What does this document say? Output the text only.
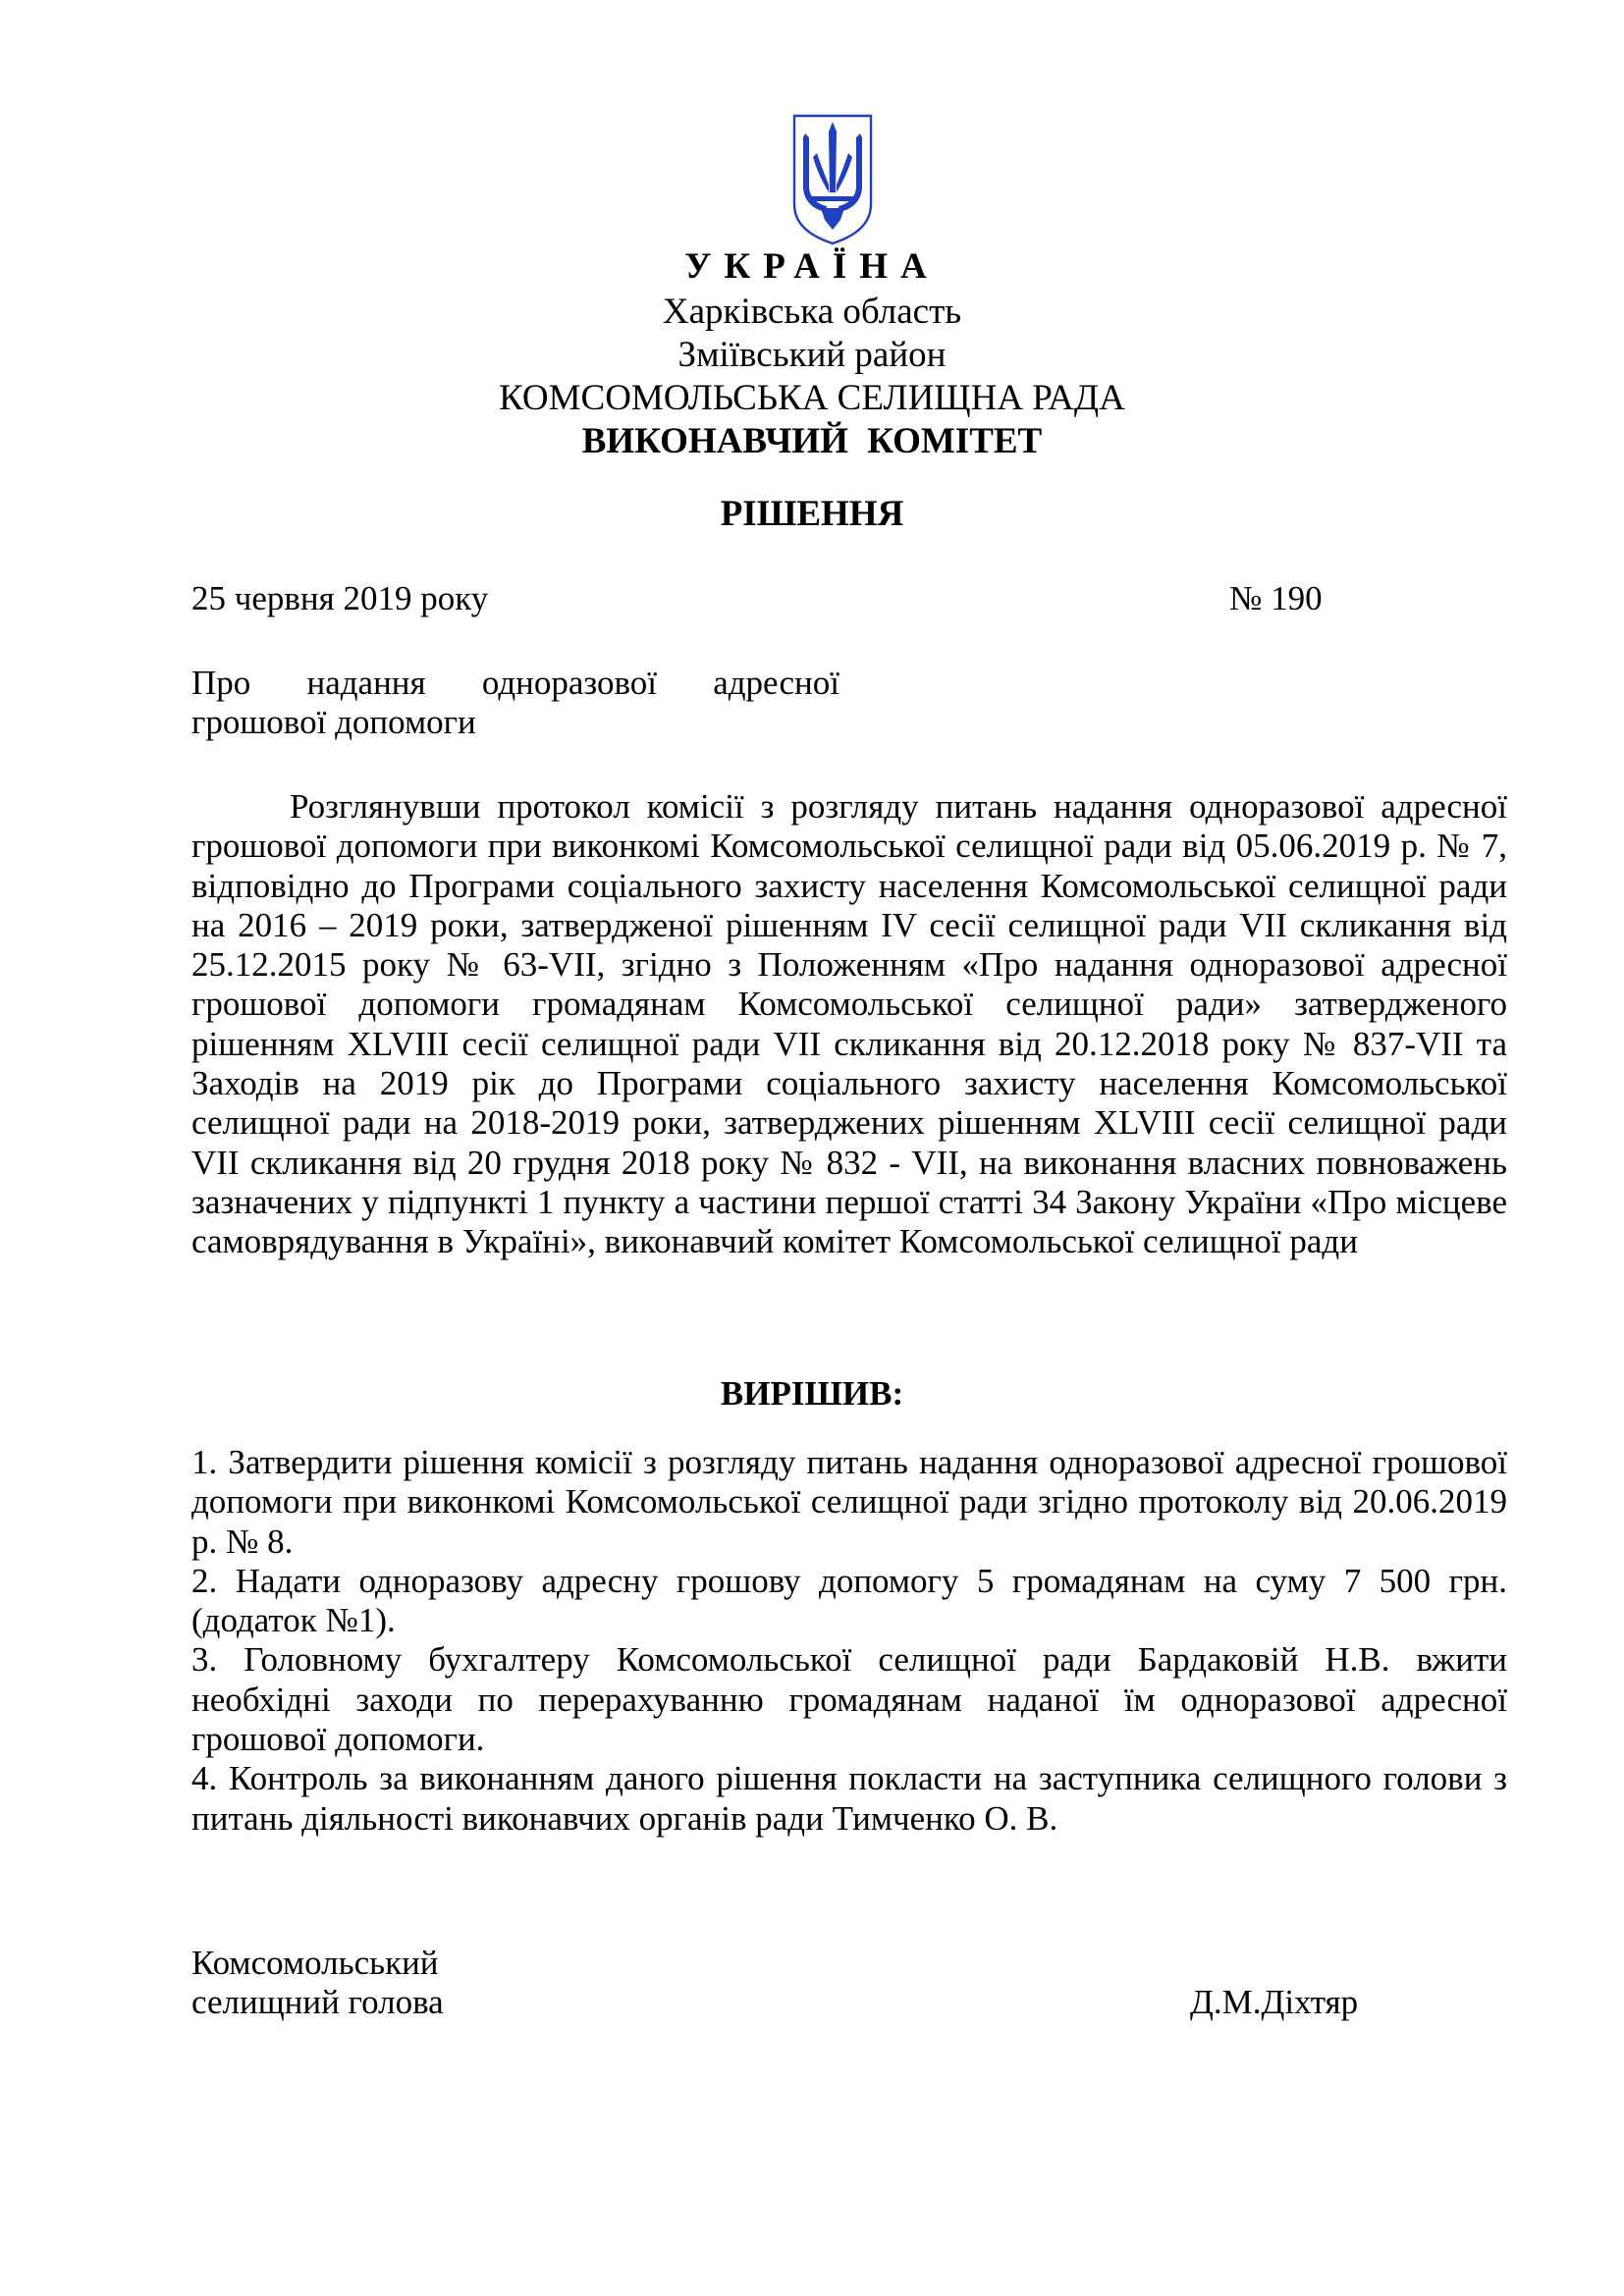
УКРАЇНА
Харківська область
Зміївський район
КОМСОМОЛЬСЬКА СЕЛИЩНА РАДА
ВИКОНАВЧИЙ КОМІТЕТ
РІШЕННЯ
25 червня 2019 року	№ 190
Про надання одноразової адресної
грошової допомоги
Розглянувши протокол комісії з розгляду питань надання одноразової адресної грошової допомоги при виконкомі Комсомольської селищної ради від 05.06.2019 р. № 7, відповідно до Програми соціального захисту населення Комсомольської селищної ради на 2016 – 2019 роки, затвердженої рішенням IV сесії селищної ради VII скликання від 25.12.2015 року № 63-VII, згідно з Положенням «Про надання одноразової адресної грошової допомоги громадянам Комсомольської селищної ради» затвердженого рішенням XLVIII сесії селищної ради VII скликання від 20.12.2018 року № 837-VII та Заходів на 2019 рік до Програми соціального захисту населення Комсомольської селищної ради на 2018-2019 роки, затверджених рішенням XLVIII сесії селищної ради VII скликання від 20 грудня 2018 року № 832 - VII, на виконання власних повноважень зазначених у підпункті 1 пункту а частини першої статті 34 Закону України «Про місцеве самоврядування в Україні», виконавчий комітет Комсомольської селищної ради
ВИРІШИВ:

1. Затвердити рішення комісії з розгляду питань надання одноразової адресної грошової допомоги при виконкомі Комсомольської селищної ради згідно протоколу від 20.06.2019 р. № 8.

2. Надати одноразову адресну грошову допомогу 5 громадянам на суму 7 500 грн. (додаток №1).

3. Головному бухгалтеру Комсомольської селищної ради Бардаковій Н.В. вжити необхідні заходи по перерахуванню громадянам наданої їм одноразової адресної грошової допомоги.

4. Контроль за виконанням даного рішення покласти на заступника селищного голови з питань діяльності виконавчих органів ради Тимченко О. В.

Комсомольський
селищний голова	Д.М.Діхтяр
